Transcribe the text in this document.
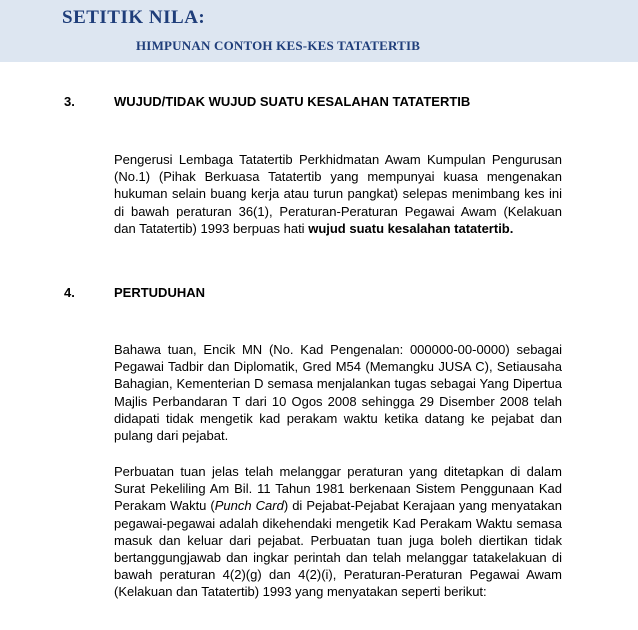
SETITIK NILA:
HIMPUNAN CONTOH KES-KES TATATERTIB
3.	WUJUD/TIDAK WUJUD SUATU KESALAHAN TATATERTIB

Pengerusi Lembaga Tatatertib Perkhidmatan Awam Kumpulan Pengurusan (No.1) (Pihak Berkuasa Tatatertib yang mempunyai kuasa mengenakan hukuman selain buang kerja atau turun pangkat) selepas menimbang kes ini di bawah peraturan 36(1), Peraturan-Peraturan Pegawai Awam (Kelakuan dan Tatatertib) 1993 berpuas hati wujud suatu kesalahan tatatertib.

4.	PERTUDUHAN

Bahawa tuan, Encik MN (No. Kad Pengenalan: 000000-00-0000) sebagai Pegawai Tadbir dan Diplomatik, Gred M54 (Memangku JUSA C), Setiausaha Bahagian, Kementerian D semasa menjalankan tugas sebagai Yang Dipertua Majlis Perbandaran T dari 10 Ogos 2008 sehingga 29 Disember 2008 telah didapati tidak mengetik kad perakam waktu ketika datang ke pejabat dan pulang dari pejabat.

Perbuatan tuan jelas telah melanggar peraturan yang ditetapkan di dalam Surat Pekeliling Am Bil. 11 Tahun 1981 berkenaan Sistem Penggunaan Kad Perakam Waktu (Punch Card) di Pejabat-Pejabat Kerajaan yang menyatakan pegawai-pegawai adalah dikehendaki mengetik Kad Perakam Waktu semasa masuk dan keluar dari pejabat. Perbuatan tuan juga boleh diertikan tidak bertanggungjawab dan ingkar perintah dan telah melanggar tatakelakuan di bawah peraturan 4(2)(g) dan 4(2)(i), Peraturan-Peraturan Pegawai Awam (Kelakuan dan Tatatertib) 1993 yang menyatakan seperti berikut:
